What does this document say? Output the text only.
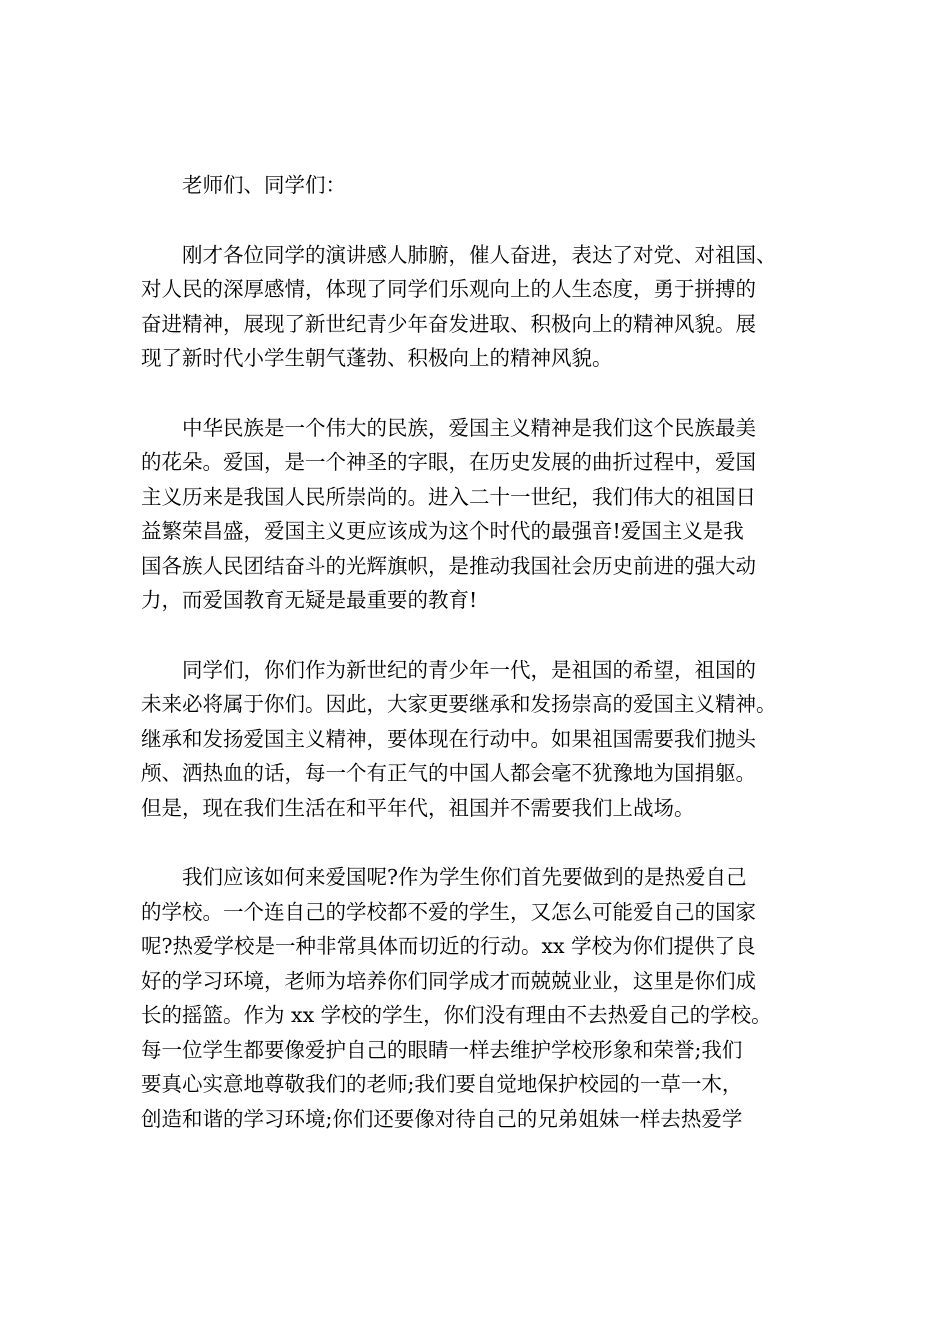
老师们、同学们：
刚才各位同学的演讲感人肺腑，催人奋进，表达了对党、对祖国、
对人民的深厚感情，体现了同学们乐观向上的人生态度，勇于拼搏的
奋进精神，展现了新世纪青少年奋发进取、积极向上的精神风貌。展
现了新时代小学生朝气蓬勃、积极向上的精神风貌。
中华民族是一个伟大的民族，爱国主义精神是我们这个民族最美
的花朵。爱国，是一个神圣的字眼，在历史发展的曲折过程中，爱国
主义历来是我国人民所崇尚的。进入二十一世纪，我们伟大的祖国日
益繁荣昌盛，爱国主义更应该成为这个时代的最强音!爱国主义是我
国各族人民团结奋斗的光辉旗帜，是推动我国社会历史前进的强大动
力，而爱国教育无疑是最重要的教育!
同学们，你们作为新世纪的青少年一代，是祖国的希望，祖国的
未来必将属于你们。因此，大家更要继承和发扬崇高的爱国主义精神。
继承和发扬爱国主义精神，要体现在行动中。如果祖国需要我们抛头
颅、洒热血的话，每一个有正气的中国人都会毫不犹豫地为国捐躯。
但是，现在我们生活在和平年代，祖国并不需要我们上战场。
我们应该如何来爱国呢?作为学生你们首先要做到的是热爱自己
的学校。一个连自己的学校都不爱的学生，又怎么可能爱自己的国家
呢?热爱学校是一种非常具体而切近的行动。xx 学校为你们提供了良
好的学习环境，老师为培养你们同学成才而兢兢业业，这里是你们成
长的摇篮。作为 xx 学校的学生，你们没有理由不去热爱自己的学校。
每一位学生都要像爱护自己的眼睛一样去维护学校形象和荣誉;我们
要真心实意地尊敬我们的老师;我们要自觉地保护校园的一草一木，
创造和谐的学习环境;你们还要像对待自己的兄弟姐妹一样去热爱学
